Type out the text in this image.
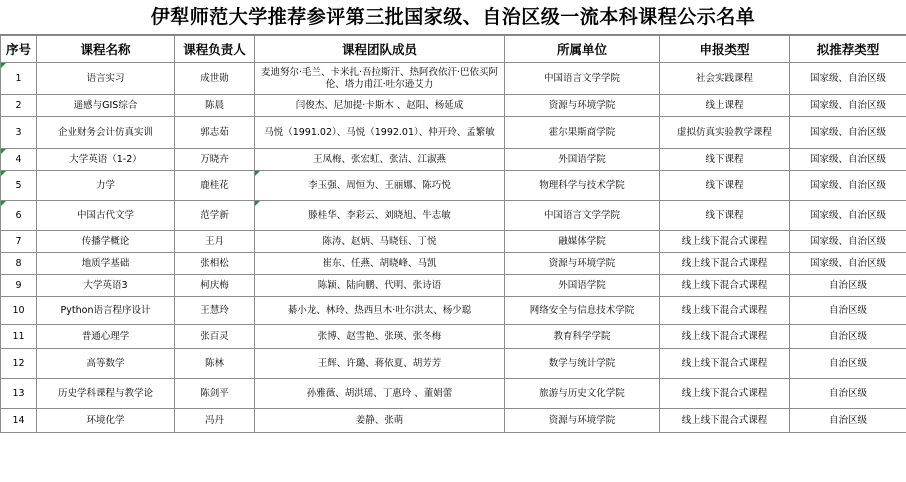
伊犁师范大学推荐参评第三批国家级、自治区级一流本科课程公示名单
序号	课程名称	课程负责人	课程团队成员	所属单位	申报类型	拟推荐类型
1	语言实习	成世勋	麦迪努尔·毛兰、卡米扎·吾拉斯汗、热阿孜依汗·巴依买阿伦、塔力甫江·吐尔逊艾力	中国语言文学学院	社会实践课程	国家级、自治区级
2	遥感与GIS综合	陈晨	闫俊杰、尼加提·卡斯木 、赵阳、杨延成	资源与环境学院	线上课程	国家级、自治区级
3	企业财务会计仿真实训	郭志茹	马悦（1991.02）、马悦（1992.01）、仲开玲、孟繁敏	霍尔果斯商学院	虚拟仿真实验教学课程	国家级、自治区级
4	大学英语（1-2）	万晓卉	王凤梅、张宏虹、张洁、江淑燕	外国语学院	线下课程	国家级、自治区级
5	力学	鹿桂花	李玉强、周恒为、王丽娜、陈巧悦	物理科学与技术学院	线下课程	国家级、自治区级
6	中国古代文学	范学新	滕桂华、李彩云、刘晓旭、牛志敏	中国语言文学学院	线下课程	国家级、自治区级
7	传播学概论	王月	陈涛、赵炳、马晓钰、丁悦	融媒体学院	线上线下混合式课程	国家级、自治区级
8	地质学基础	张相松	崔东、任燕、胡晓峰、马凯	资源与环境学院	线上线下混合式课程	国家级、自治区级
9	大学英语3	柯庆梅	陈颖、陆向鹏、代明、张诗语	外国语学院	线上线下混合式课程	自治区级
10	Python语言程序设计	王慧玲	綦小龙、林玲、热西旦木·吐尔洪太、杨少聪	网络安全与信息技术学院	线上线下混合式课程	自治区级
11	普通心理学	张百灵	张博、赵雪艳、张瑛、张冬梅	教育科学学院	线上线下混合式课程	自治区级
12	高等数学	陈林	王辉、许璐、蒋依夏、胡芳芳	数学与统计学院	线上线下混合式课程	自治区级
13	历史学科课程与教学论	陈剑平	孙雅薇、胡洪瑶、丁惠玲 、董娟蕾	旅游与历史文化学院	线上线下混合式课程	自治区级
14	环境化学	冯丹	姜静、张萌	资源与环境学院	线上线下混合式课程	自治区级
